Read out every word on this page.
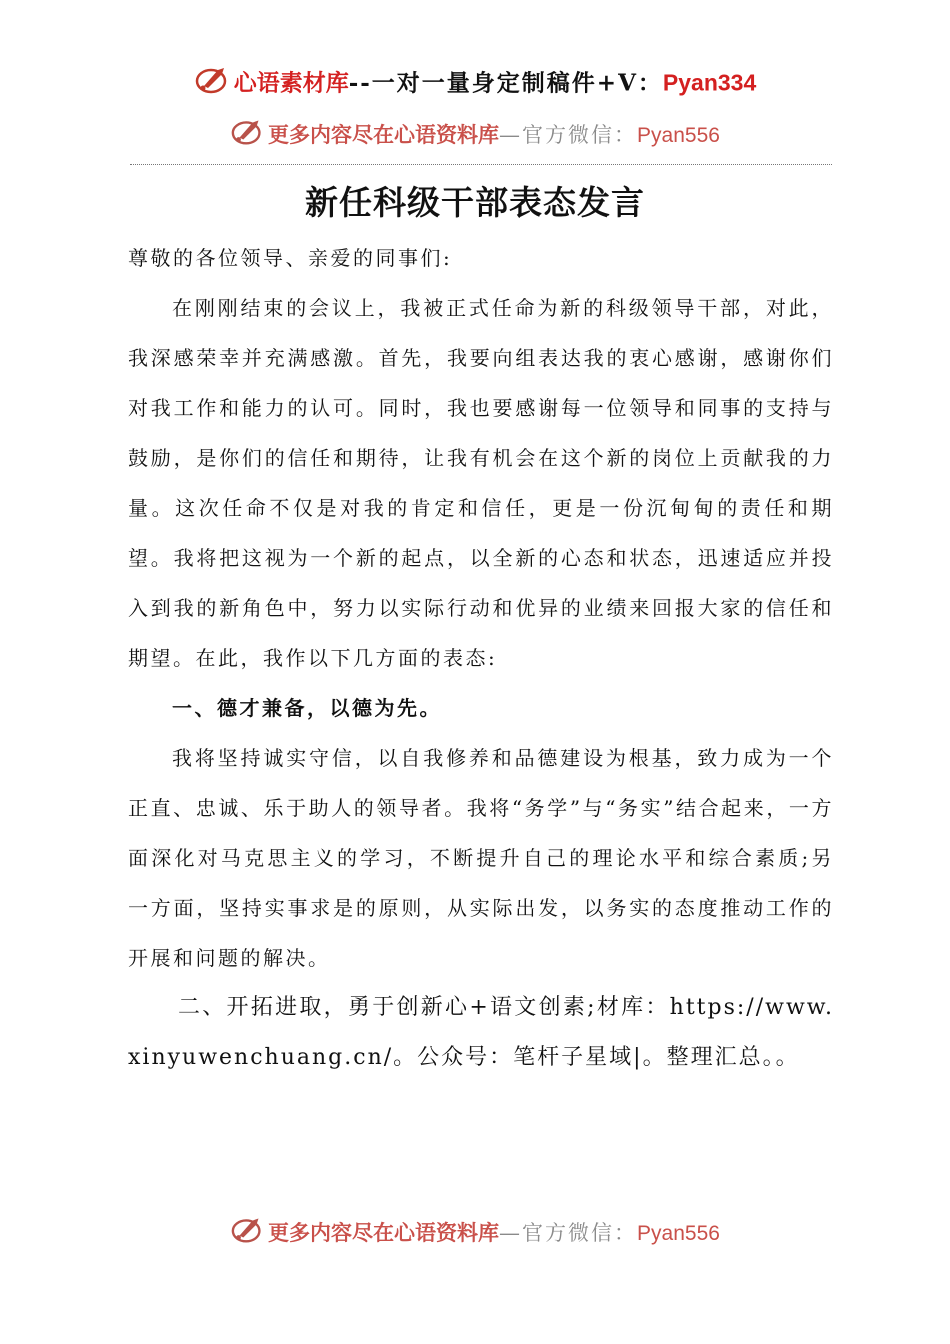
心语素材库--一对一量身定制稿件+V：Pyan334
更多内容尽在心语资料库—官方微信：Pyan556
新任科级干部表态发言

尊敬的各位领导、亲爱的同事们:

在刚刚结束的会议上，我被正式任命为新的科级领导干部，对此，我深感荣幸并充满感激。首先，我要向组表达我的衷心感谢，感谢你们对我工作和能力的认可。同时，我也要感谢每一位领导和同事的支持与鼓励，是你们的信任和期待，让我有机会在这个新的岗位上贡献我的力量。这次任命不仅是对我的肯定和信任，更是一份沉甸甸的责任和期望。我将把这视为一个新的起点，以全新的心态和状态，迅速适应并投入到我的新角色中，努力以实际行动和优异的业绩来回报大家的信任和期望。在此，我作以下几方面的表态:

一、德才兼备，以德为先。

我将坚持诚实守信，以自我修养和品德建设为根基，致力成为一个正直、忠诚、乐于助人的领导者。我将“务学”与“务实”结合起来，一方面深化对马克思主义的学习，不断提升自己的理论水平和综合素质;另一方面，坚持实事求是的原则，从实际出发，以务实的态度推动工作的开展和问题的解决。

二、开拓进取，勇于创新心+语文创素;材库：https://www.xinyuwenchuang.cn/。公众号：笔杆子星域|。整理汇总。。

更多内容尽在心语资料库—官方微信：Pyan556
